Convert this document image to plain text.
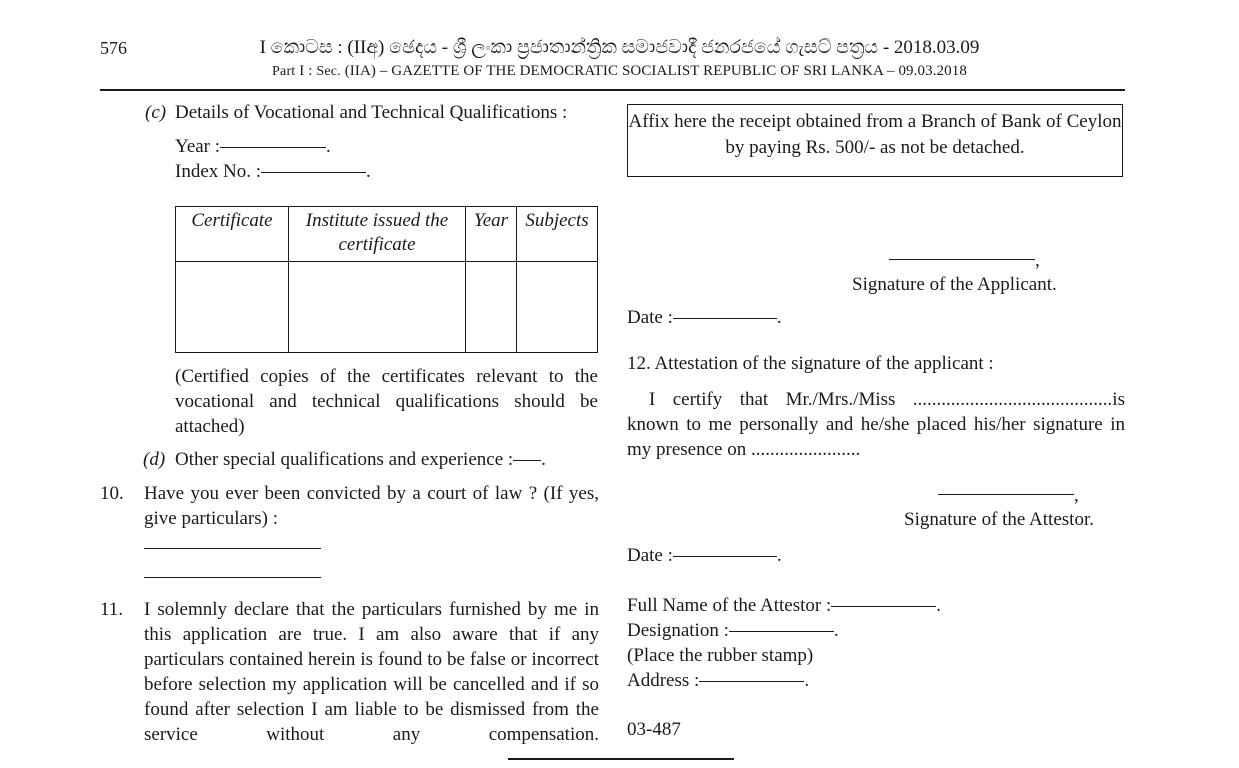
576	I කොටස : (IIඅ) ඡෙදය - ශ්‍රී ලංකා ප්‍රජාතාන්ත්‍රික සමාජවාදී ජනරජයේ ගැසට් පත්‍රය - 2018.03.09
Part I : Sec. (IIA) – GAZETTE OF THE DEMOCRATIC SOCIALIST REPUBLIC OF SRI LANKA – 09.03.2018
(c) Details of Vocational and Technical Qualifications :
Year :	.
Index No. :	.
Certificate	Institute issued the certificate	Year	Subjects

(Certified copies of the certificates relevant to the vocational and technical qualifications should be attached)
(d) Other special qualifications and experience : .
10. Have you ever been convicted by a court of law ? (If yes, give particulars) :
11. I solemnly declare that the particulars furnished by me in this application are true. I am also aware that if any particulars contained herein is found to be false or incorrect before selection my application will be cancelled and if so found after selection I am liable to be dismissed from the service without any compensation.
Affix here the receipt obtained from a Branch of Bank of Ceylon by paying Rs. 500/- as not be detached.
,
Signature of the Applicant.
Date :	.
12. Attestation of the signature of the applicant :
I certify that Mr./Mrs./Miss ..........................................is known to me personally and he/she placed his/her signature in my presence on .......................
,
Signature of the Attestor.
Date :	.
Full Name of the Attestor :	.
Designation :	.
(Place the rubber stamp)
Address :	.
03-487
